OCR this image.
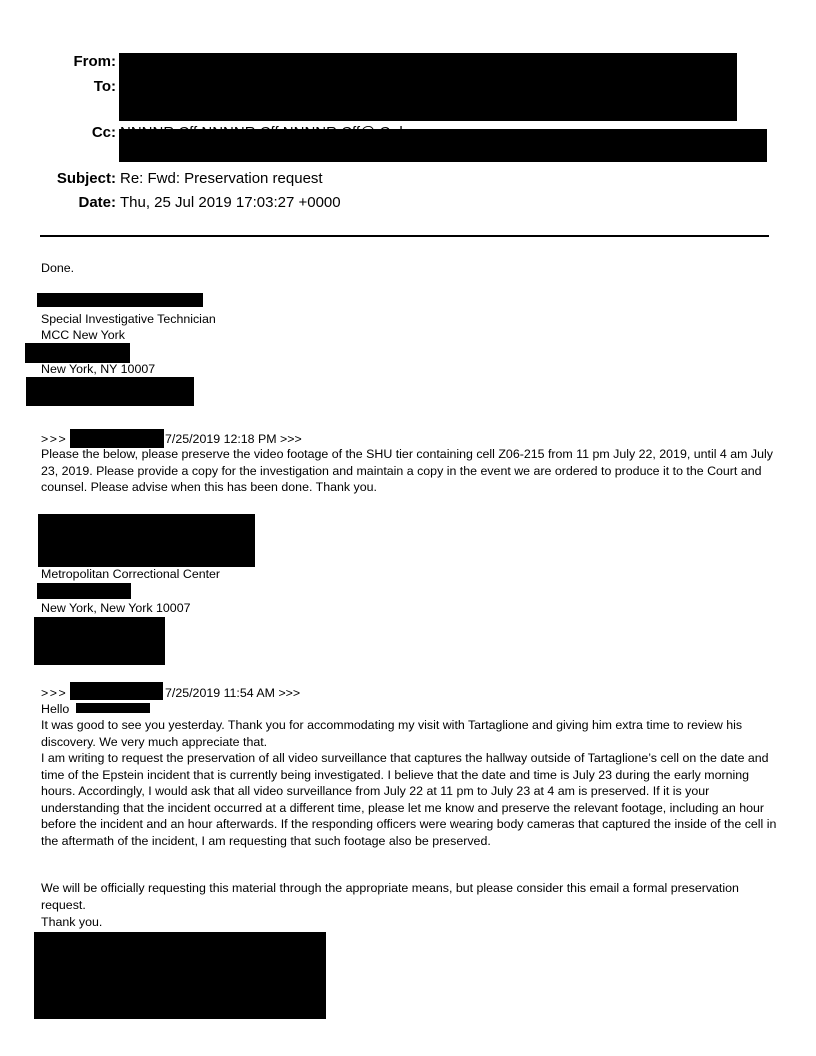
From:
To:
Cc:
Subject: Re: Fwd: Preservation request
Date: Thu, 25 Jul 2019 17:03:27 +0000
Done.
Special Investigative Technician
MCC New York
New York, NY 10007
>>>	7/25/2019 12:18 PM >>>
Please the below, please preserve the video footage of the SHU tier containing cell Z06-215 from 11 pm July 22, 2019, until 4 am July 23, 2019. Please provide a copy for the investigation and maintain a copy in the event we are ordered to produce it to the Court and counsel. Please advise when this has been done. Thank you.
Metropolitan Correctional Center
New York, New York 10007
>>>	7/25/2019 11:54 AM >>>
Hello
It was good to see you yesterday. Thank you for accommodating my visit with Tartaglione and giving him extra time to review his discovery. We very much appreciate that.
I am writing to request the preservation of all video surveillance that captures the hallway outside of Tartaglione’s cell on the date and time of the Epstein incident that is currently being investigated. I believe that the date and time is July 23 during the early morning hours. Accordingly, I would ask that all video surveillance from July 22 at 11 pm to July 23 at 4 am is preserved. If it is your understanding that the incident occurred at a different time, please let me know and preserve the relevant footage, including an hour before the incident and an hour afterwards. If the responding officers were wearing body cameras that captured the inside of the cell in the aftermath of the incident, I am requesting that such footage also be preserved.
We will be officially requesting this material through the appropriate means, but please consider this email a formal preservation request.
Thank you.
